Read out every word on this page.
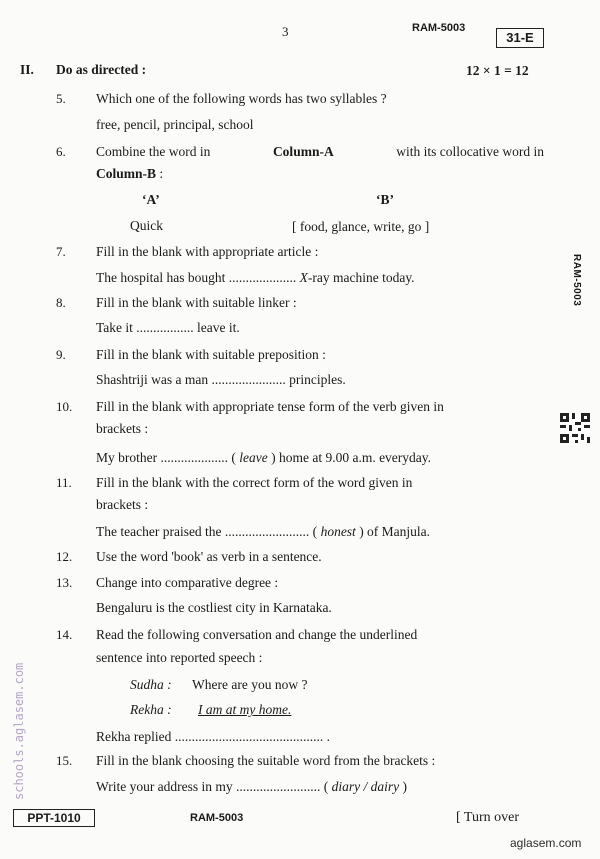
3	RAM-5003
31-E
II. Do as directed :	12 × 1 = 12
5. Which one of the following words has two syllables ?
free, pencil, principal, school
6. Combine the word in	Column-A	with its collocative word in
Column-B :
‘A’	‘B’
Quick	[ food, glance, write, go ]
7. Fill in the blank with appropriate article :
The hospital has bought .................... X-ray machine today.
8. Fill in the blank with suitable linker :
Take it ................. leave it.
9. Fill in the blank with suitable preposition :
Shashtriji was a man ...................... principles.
10. Fill in the blank with appropriate tense form of the verb given in
brackets :
My brother .................... ( leave ) home at 9.00 a.m. everyday.
11. Fill in the blank with the correct form of the word given in
brackets :
The teacher praised the ......................... ( honest ) of Manjula.
12. Use the word 'book' as verb in a sentence.
13. Change into comparative degree :
Bengaluru is the costliest city in Karnataka.
14. Read the following conversation and change the underlined
sentence into reported speech :
Sudha : Where are you now ?
Rekha : I am at my home.
Rekha replied ............................................ .
15. Fill in the blank choosing the suitable word from the brackets :
Write your address in my ......................... ( diary / dairy )
RAM-5003
schools.aglasem.com
PPT-1010	RAM-5003	[ Turn over
aglasem.com
